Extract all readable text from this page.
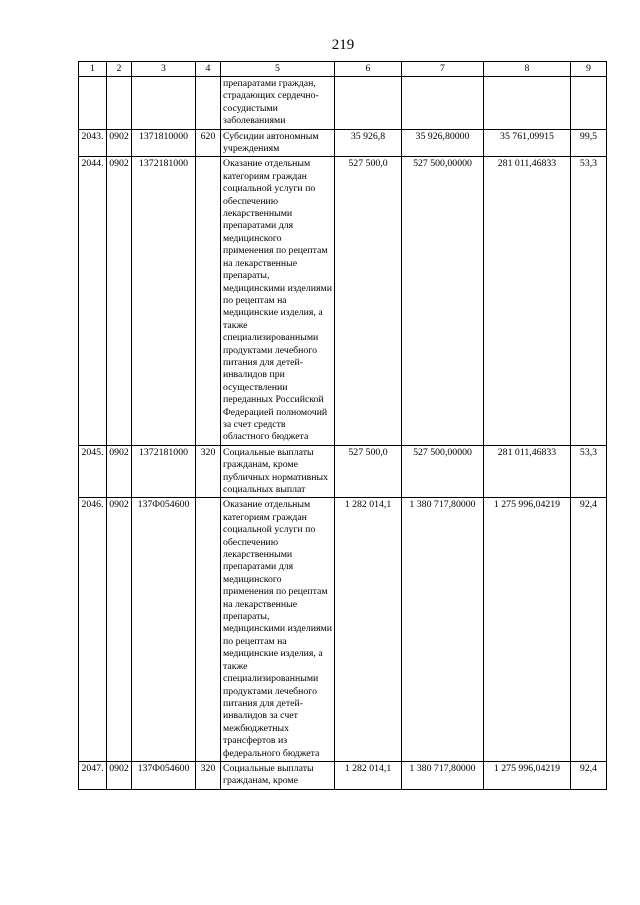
219
1	2	3	4	5	6	7	8	9
				препаратами граждан, страдающих сердечно-сосудистыми заболеваниями				
2043.	0902	1371810000	620	Субсидии автономным учреждениям	35 926,8	35 926,80000	35 761,09915	99,5
2044.	0902	1372181000		Оказание отдельным категориям граждан социальной услуги по обеспечению лекарственными препаратами для медицинского применения по рецептам на лекарственные препараты, медицинскими изделиями по рецептам на медицинские изделия, а также специализированными продуктами лечебного питания для детей-инвалидов при осуществлении переданных Российской Федерацией полномочий за счет средств областного бюджета	527 500,0	527 500,00000	281 011,46833	53,3
2045.	0902	1372181000	320	Социальные выплаты гражданам, кроме публичных нормативных социальных выплат	527 500,0	527 500,00000	281 011,46833	53,3
2046.	0902	137Ф054600		Оказание отдельным категориям граждан социальной услуги по обеспечению лекарственными препаратами для медицинского применения по рецептам на лекарственные препараты, медицинскими изделиями по рецептам на медицинские изделия, а также специализированными продуктами лечебного питания для детей-инвалидов за счет межбюджетных трансфертов из федерального бюджета	1 282 014,1	1 380 717,80000	1 275 996,04219	92,4
2047.	0902	137Ф054600	320	Социальные выплаты гражданам, кроме	1 282 014,1	1 380 717,80000	1 275 996,04219	92,4
